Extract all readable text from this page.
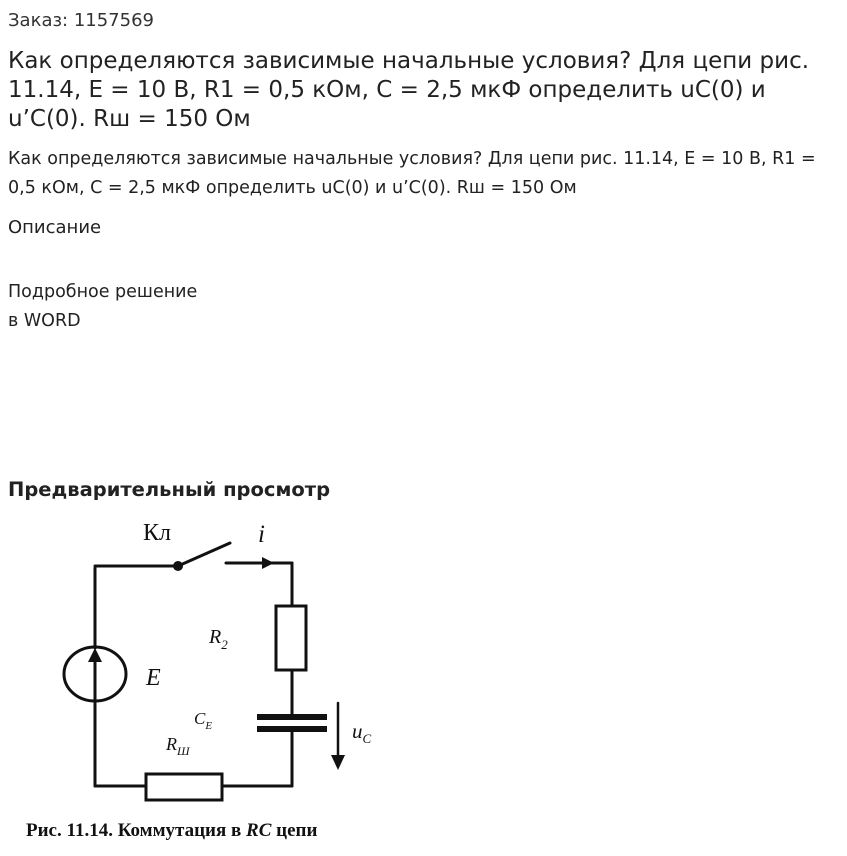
Заказ: 1157569
Как определяются зависимые начальные условия? Для цепи рис. 11.14, E = 10 В, R1 = 0,5 кОм, C = 2,5 мкФ определить uC(0) и u’C(0). Rш = 150 Ом

Как определяются зависимые начальные условия? Для цепи рис. 11.14, E = 10 В, R1 = 0,5 кОм, C = 2,5 мкФ определить uC(0) и u’C(0). Rш = 150 Ом

Описание
Подробное решение
в WORD
Предварительный просмотр
Кл	i
$R_2$
E
$C_E$
$R_Ш$
$u_C$
Рис. 11.14. Коммутация в RC цепи
